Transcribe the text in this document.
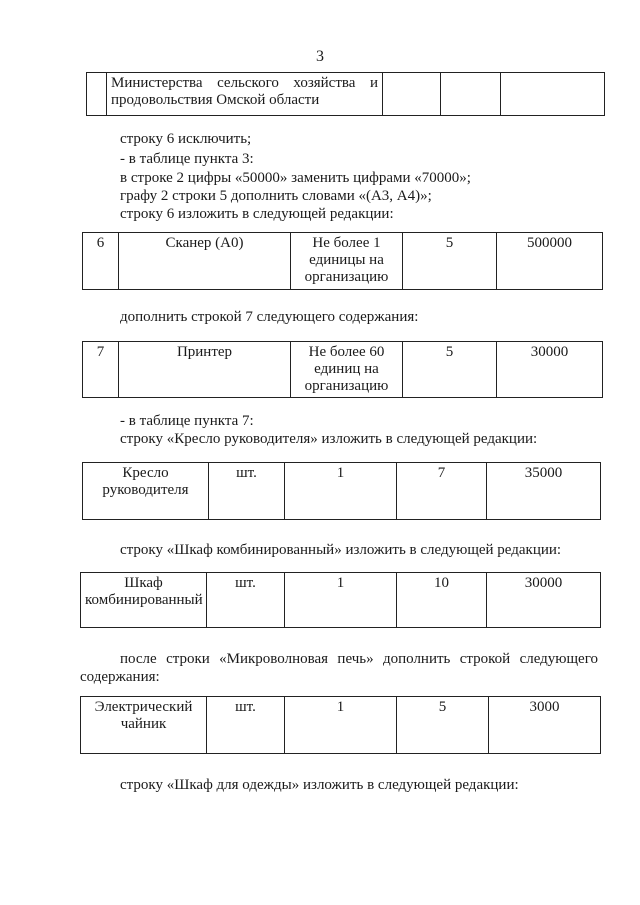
3

Министерства сельского хозяйства и
продовольствия Омской области

строку 6 исключить;
- в таблице пункта 3:
в строке 2 цифры «50000» заменить цифрами «70000»;
графу 2 строки 5 дополнить словами «(А3, А4)»;
строку 6 изложить в следующей редакции:
6	Сканер (А0)	Не более 1 единицы на организацию	5	500000
дополнить строкой 7 следующего содержания:
7	Принтер	Не более 60 единиц на организацию	5	30000
- в таблице пункта 7:
строку «Кресло руководителя» изложить в следующей редакции:
Кресло руководителя	шт.	1	7	35000
строку «Шкаф комбинированный» изложить в следующей редакции:
Шкаф комбинированный	шт.	1	10	30000
после строки «Микроволновая печь» дополнить строкой следующего
содержания:
Электрический чайник	шт.	1	5	3000
строку «Шкаф для одежды» изложить в следующей редакции:
